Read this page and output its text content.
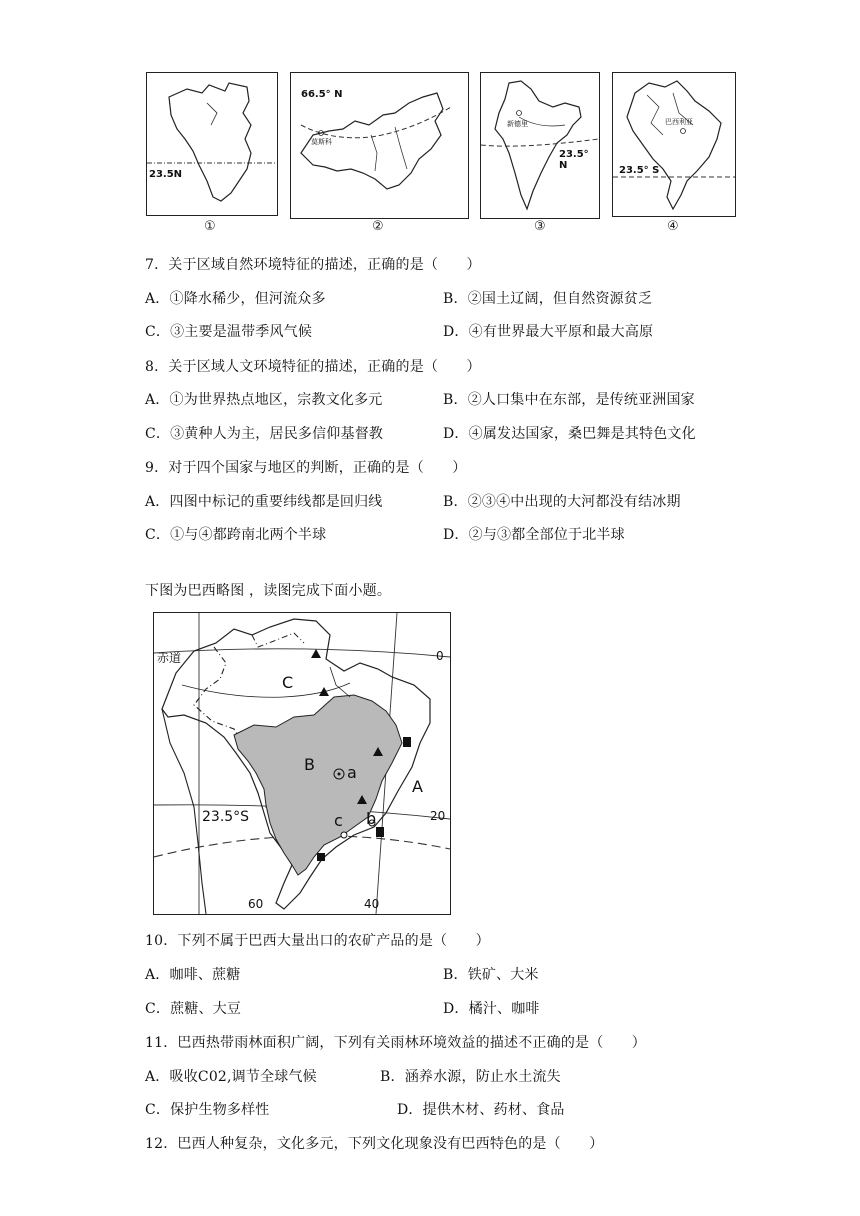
23.5N
①
66.5° N
莫斯科
②
新德里
23.5° N
③
巴西利亚
23.5° S
④
7．关于区域自然环境特征的描述，正确的是（　　）
A．①降水稀少，但河流众多	B．②国土辽阔，但自然资源贫乏
C．③主要是温带季风气候	D．④有世界最大平原和最大高原
8．关于区域人文环境特征的描述，正确的是（　　）
A．①为世界热点地区，宗教文化多元	B．②人口集中在东部，是传统亚洲国家
C．③黄种人为主，居民多信仰基督教	D．④属发达国家，桑巴舞是其特色文化
9．对于四个国家与地区的判断，正确的是（　　）
A．四图中标记的重要纬线都是回归线	B．②③④中出现的大河都没有结冰期
C．①与④都跨南北两个半球	D．②与③都全部位于北半球
下图为巴西略图 ，读图完成下面小题。
赤道	0
C
B a
A
23.5°S	20
b
c
60	40
10．下列不属于巴西大量出口的农矿产品的是（　　）
A．咖啡、蔗糖	B．铁矿、大米
C．蔗糖、大豆	D．橘汁、咖啡
11．巴西热带雨林面积广阔，下列有关雨林环境效益的描述不正确的是（　　）
A．吸收C02,调节全球气候	B．涵养水源，防止水土流失
C．保护生物多样性	D．提供木材、药材、食品
12．巴西人种复杂，文化多元，下列文化现象没有巴西特色的是（　　）
